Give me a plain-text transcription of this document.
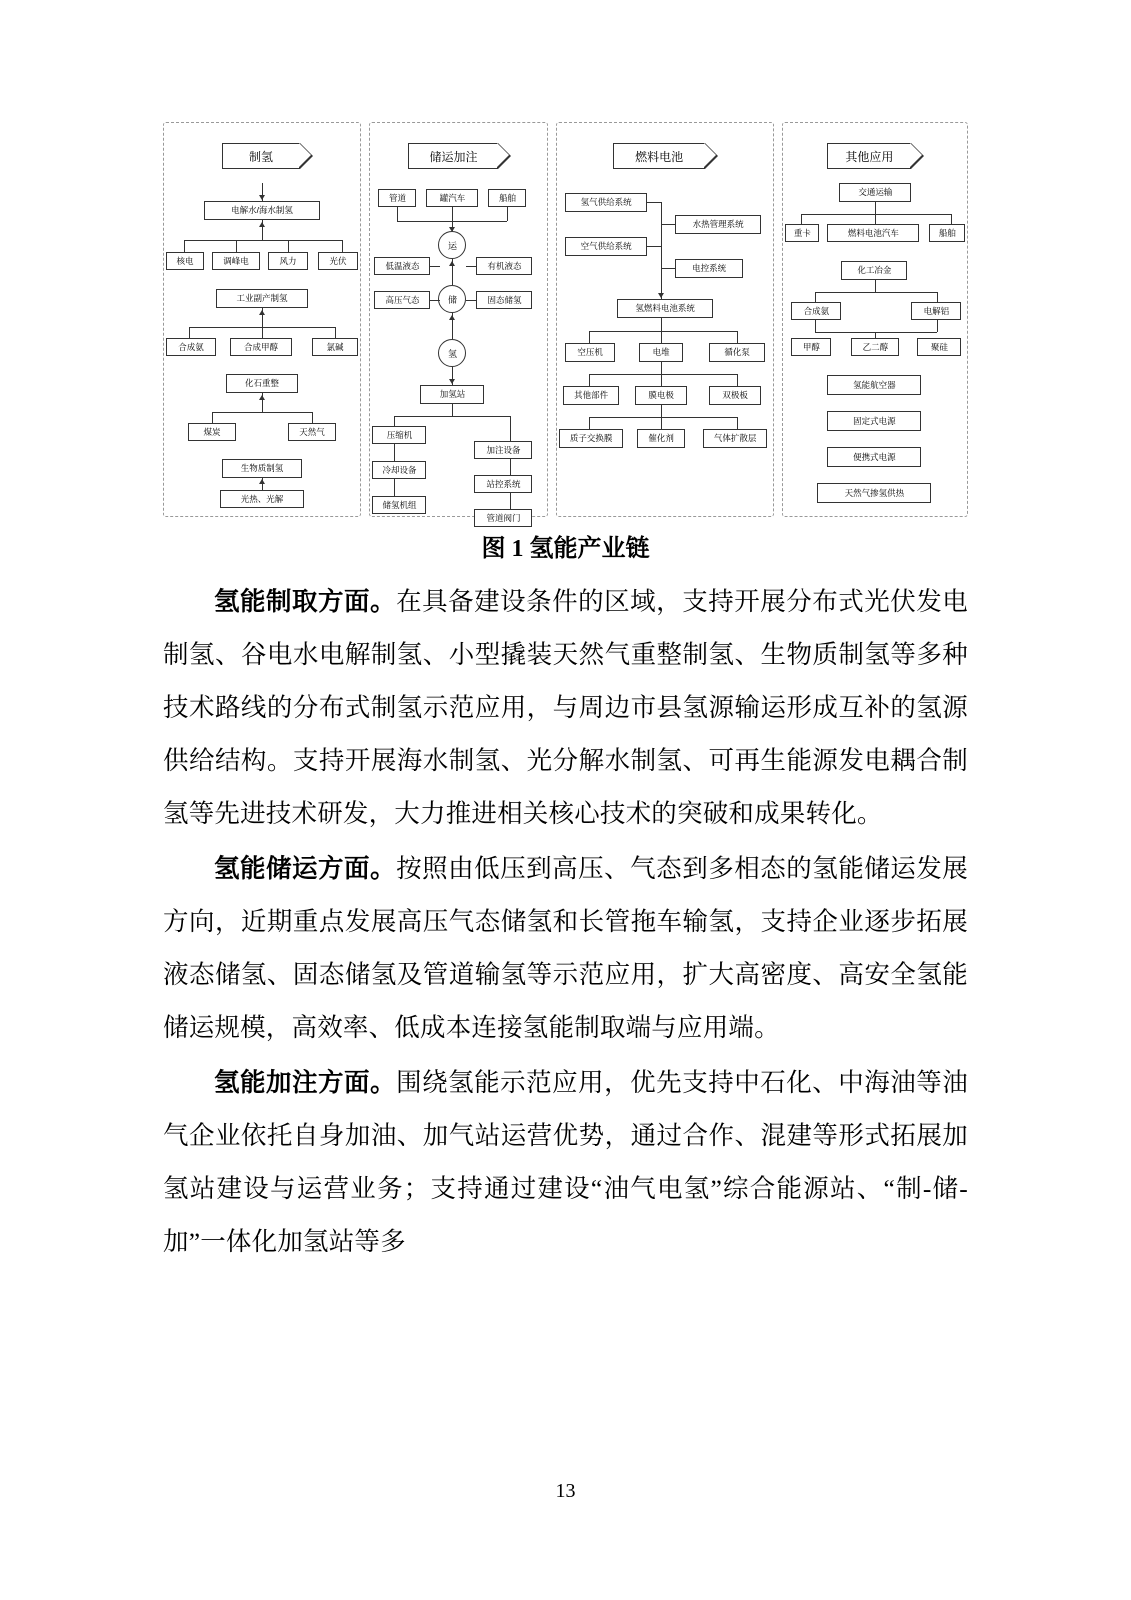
制氢
电解水/海水制氢
核电	调峰电	风力	光伏
工业副产制氢
合成氨	合成甲醇	氯碱
化石重整
煤炭	天然气
生物质制氢
光热、光解
储运加注
管道	罐汽车	船舶
运
储
氢
低温液态
高压气态
有机液态
固态储氢
加氢站
压缩机
冷却设备
储氢机组
加注设备
站控系统
管道阀门
燃料电池
氢气供给系统
空气供给系统
水热管理系统
电控系统
氢燃料电池系统
空压机	电堆	循化泵
其他部件	膜电极	双极板
质子交换膜	催化剂	气体扩散层
其他应用
交通运输
重卡	燃料电池汽车	船舶
化工冶金
合成氨	电解铝
甲醇	乙二醇	聚硅
氢能航空器
固定式电源
便携式电源
天然气掺氢供热
图 1 氢能产业链

氢能制取方面。在具备建设条件的区域，支持开展分布式光伏发电制氢、谷电水电解制氢、小型撬装天然气重整制氢、生物质制氢等多种技术路线的分布式制氢示范应用，与周边市县氢源输运形成互补的氢源供给结构。支持开展海水制氢、光分解水制氢、可再生能源发电耦合制氢等先进技术研发，大力推进相关核心技术的突破和成果转化。

氢能储运方面。按照由低压到高压、气态到多相态的氢能储运发展方向，近期重点发展高压气态储氢和长管拖车输氢，支持企业逐步拓展液态储氢、固态储氢及管道输氢等示范应用，扩大高密度、高安全氢能储运规模，高效率、低成本连接氢能制取端与应用端。

氢能加注方面。围绕氢能示范应用，优先支持中石化、中海油等油气企业依托自身加油、加气站运营优势，通过合作、混建等形式拓展加氢站建设与运营业务；支持通过建设“油气电氢”综合能源站、“制-储-加”一体化加氢站等多

13
